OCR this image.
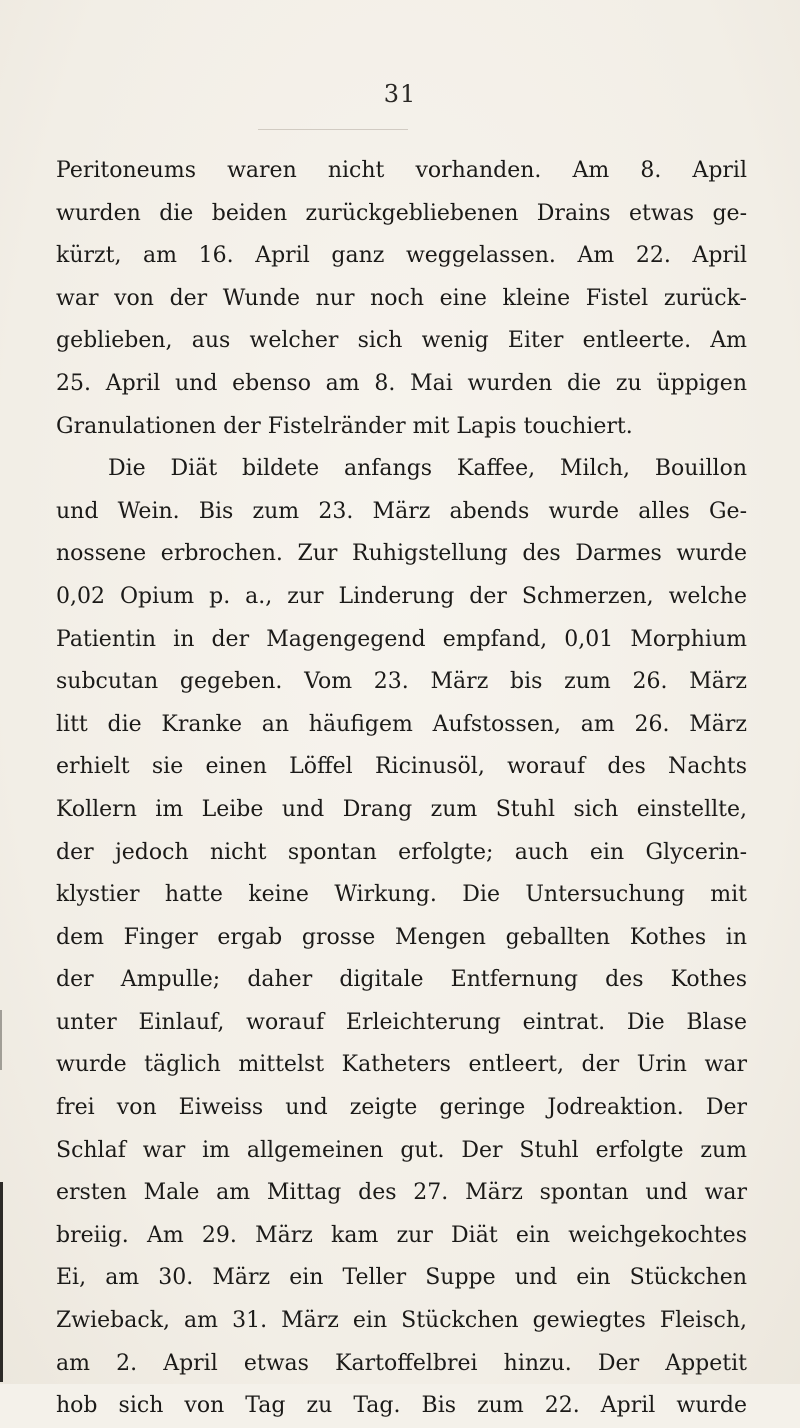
31
Peritoneums waren nicht vorhanden. Am 8. April
wurden die beiden zurückgebliebenen Drains etwas ge-
kürzt, am 16. April ganz weggelassen. Am 22. April
war von der Wunde nur noch eine kleine Fistel zurück-
geblieben, aus welcher sich wenig Eiter entleerte. Am
25. April und ebenso am 8. Mai wurden die zu üppigen
Granulationen der Fistelränder mit Lapis touchiert.
Die Diät bildete anfangs Kaffee, Milch, Bouillon
und Wein. Bis zum 23. März abends wurde alles Ge-
nossene erbrochen. Zur Ruhigstellung des Darmes wurde
0,02 Opium p. a., zur Linderung der Schmerzen, welche
Patientin in der Magengegend empfand, 0,01 Morphium
subcutan gegeben. Vom 23. März bis zum 26. März
litt die Kranke an häufigem Aufstossen, am 26. März
erhielt sie einen Löffel Ricinusöl, worauf des Nachts
Kollern im Leibe und Drang zum Stuhl sich einstellte,
der jedoch nicht spontan erfolgte; auch ein Glycerin-
klystier hatte keine Wirkung. Die Untersuchung mit
dem Finger ergab grosse Mengen geballten Kothes in
der Ampulle; daher digitale Entfernung des Kothes
unter Einlauf, worauf Erleichterung eintrat. Die Blase
wurde täglich mittelst Katheters entleert, der Urin war
frei von Eiweiss und zeigte geringe Jodreaktion. Der
Schlaf war im allgemeinen gut. Der Stuhl erfolgte zum
ersten Male am Mittag des 27. März spontan und war
breiig. Am 29. März kam zur Diät ein weichgekochtes
Ei, am 30. März ein Teller Suppe und ein Stückchen
Zwieback, am 31. März ein Stückchen gewiegtes Fleisch,
am 2. April etwas Kartoffelbrei hinzu. Der Appetit
hob sich von Tag zu Tag. Bis zum 22. April wurde
